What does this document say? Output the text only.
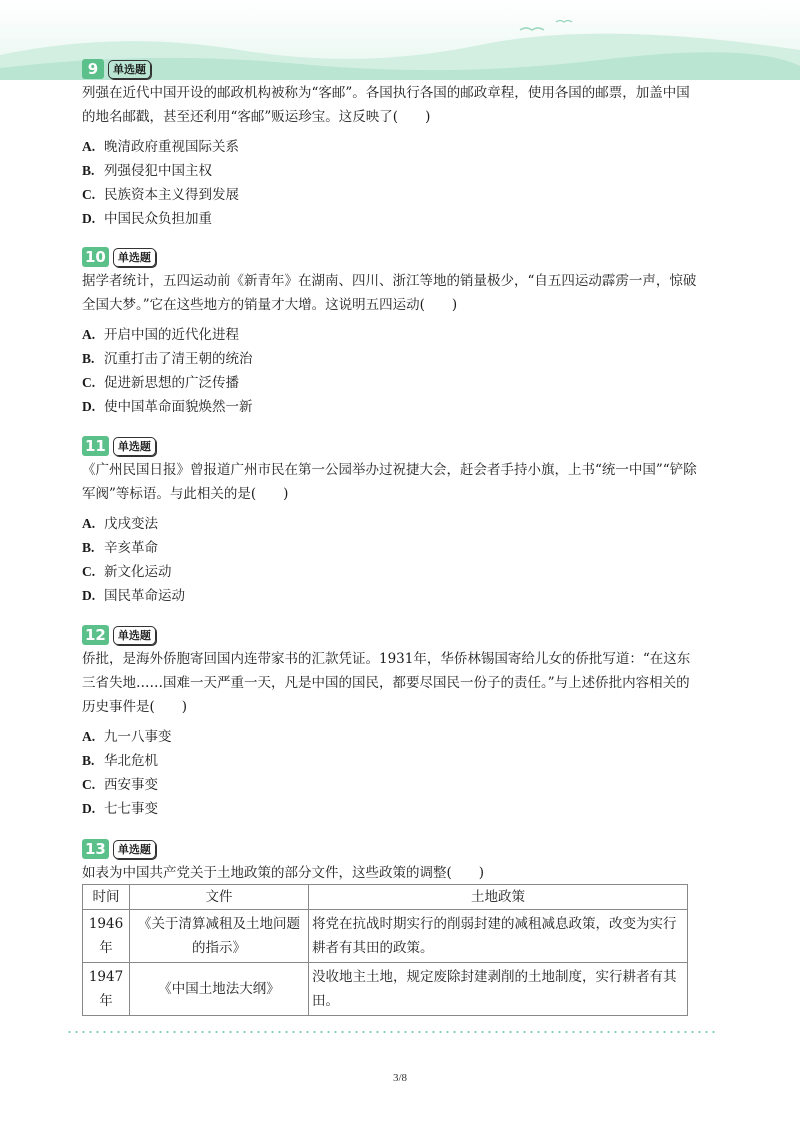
9	单选题
列强在近代中国开设的邮政机构被称为“客邮”。各国执行各国的邮政章程，使用各国的邮票，加盖中国的地名邮戳，甚至还利用“客邮”贩运珍宝。这反映了(　　)
A. 晚清政府重视国际关系
B. 列强侵犯中国主权
C. 民族资本主义得到发展
D. 中国民众负担加重
10	单选题
据学者统计，五四运动前《新青年》在湖南、四川、浙江等地的销量极少，“自五四运动霹雳一声，惊破全国大梦。”它在这些地方的销量才大增。这说明五四运动(　　)
A. 开启中国的近代化进程
B. 沉重打击了清王朝的统治
C. 促进新思想的广泛传播
D. 使中国革命面貌焕然一新
11	单选题
《广州民国日报》曾报道广州市民在第一公园举办过祝捷大会，赶会者手持小旗，上书“统一中国”“铲除军阀”等标语。与此相关的是(　　)
A. 戊戌变法
B. 辛亥革命
C. 新文化运动
D. 国民革命运动
12	单选题
侨批，是海外侨胞寄回国内连带家书的汇款凭证。1931年，华侨林锡国寄给儿女的侨批写道：“在这东三省失地……国难一天严重一天，凡是中国的国民，都要尽国民一份子的责任。”与上述侨批内容相关的历史事件是(　　)
A. 九一八事变
B. 华北危机
C. 西安事变
D. 七七事变
13	单选题
如表为中国共产党关于土地政策的部分文件，这些政策的调整(　　)
时间	文件	土地政策
1946年	《关于清算减租及土地问题的指示》	将党在抗战时期实行的削弱封建的减租减息政策，改变为实行耕者有其田的政策。
1947年	《中国土地法大纲》	没收地主土地，规定废除封建剥削的土地制度，实行耕者有其田。
3/8
